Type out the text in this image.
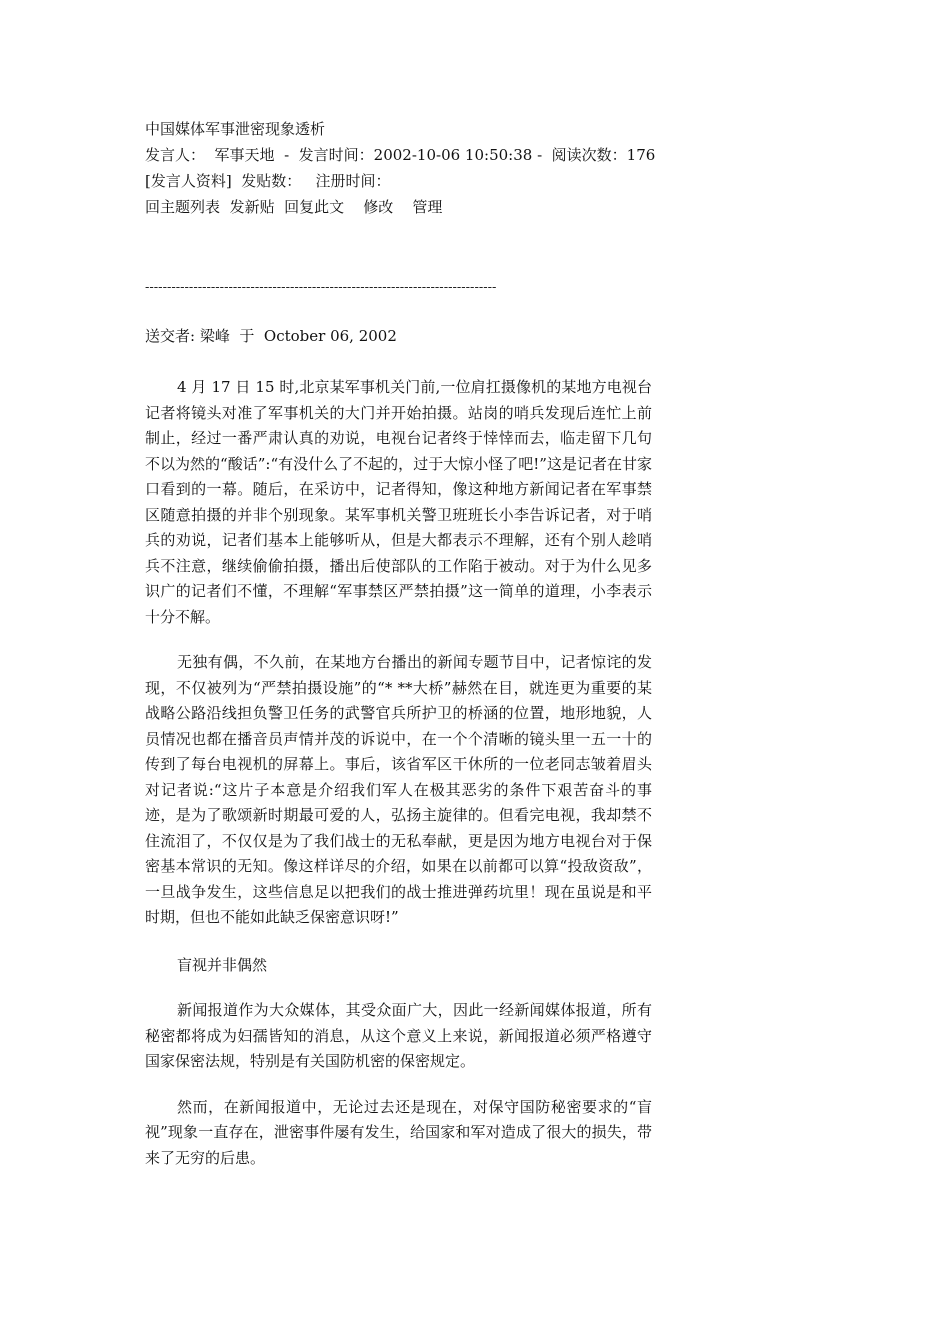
中国媒体军事泄密现象透析
发言人：  军事天地  -  发言时间：2002-10-06 10:50:38 -  阅读次数：176
[发言人资料]  发贴数：   注册时间：
回主题列表 发新贴 回复此文 修改 管理
--------------------------------------------------------------------------------
送交者: 梁峰  于  October 06, 2002
4 月 17 日 15 时,北京某军事机关门前,一位肩扛摄像机的某地方电视台记者将镜头对准了军事机关的大门并开始拍摄。站岗的哨兵发现后连忙上前制止，经过一番严肃认真的劝说，电视台记者终于悻悻而去，临走留下几句不以为然的“酸话”:“有没什么了不起的，过于大惊小怪了吧!”这是记者在甘家口看到的一幕。随后，在采访中，记者得知，像这种地方新闻记者在军事禁区随意拍摄的并非个别现象。某军事机关警卫班班长小李告诉记者，对于哨兵的劝说，记者们基本上能够听从，但是大都表示不理解，还有个别人趁哨兵不注意，继续偷偷拍摄，播出后使部队的工作陷于被动。对于为什么见多识广的记者们不懂，不理解“军事禁区严禁拍摄”这一简单的道理，小李表示十分不解。
无独有偶，不久前，在某地方台播出的新闻专题节目中，记者惊诧的发现，不仅被列为“严禁拍摄设施”的“* **大桥”赫然在目，就连更为重要的某战略公路沿线担负警卫任务的武警官兵所护卫的桥涵的位置，地形地貌，人员情况也都在播音员声情并茂的诉说中，在一个个清晰的镜头里一五一十的传到了每台电视机的屏幕上。事后，该省军区干休所的一位老同志皱着眉头对记者说:“这片子本意是介绍我们军人在极其恶劣的条件下艰苦奋斗的事迹，是为了歌颂新时期最可爱的人，弘扬主旋律的。但看完电视，我却禁不住流泪了，不仅仅是为了我们战士的无私奉献，更是因为地方电视台对于保密基本常识的无知。像这样详尽的介绍，如果在以前都可以算“投敌资敌”，一旦战争发生，这些信息足以把我们的战士推进弹药坑里！现在虽说是和平时期，但也不能如此缺乏保密意识呀!”
盲视并非偶然
新闻报道作为大众媒体，其受众面广大，因此一经新闻媒体报道，所有秘密都将成为妇孺皆知的消息，从这个意义上来说，新闻报道必须严格遵守国家保密法规，特别是有关国防机密的保密规定。
然而，在新闻报道中，无论过去还是现在，对保守国防秘密要求的“盲视”现象一直存在，泄密事件屡有发生，给国家和军对造成了很大的损失，带来了无穷的后患。
